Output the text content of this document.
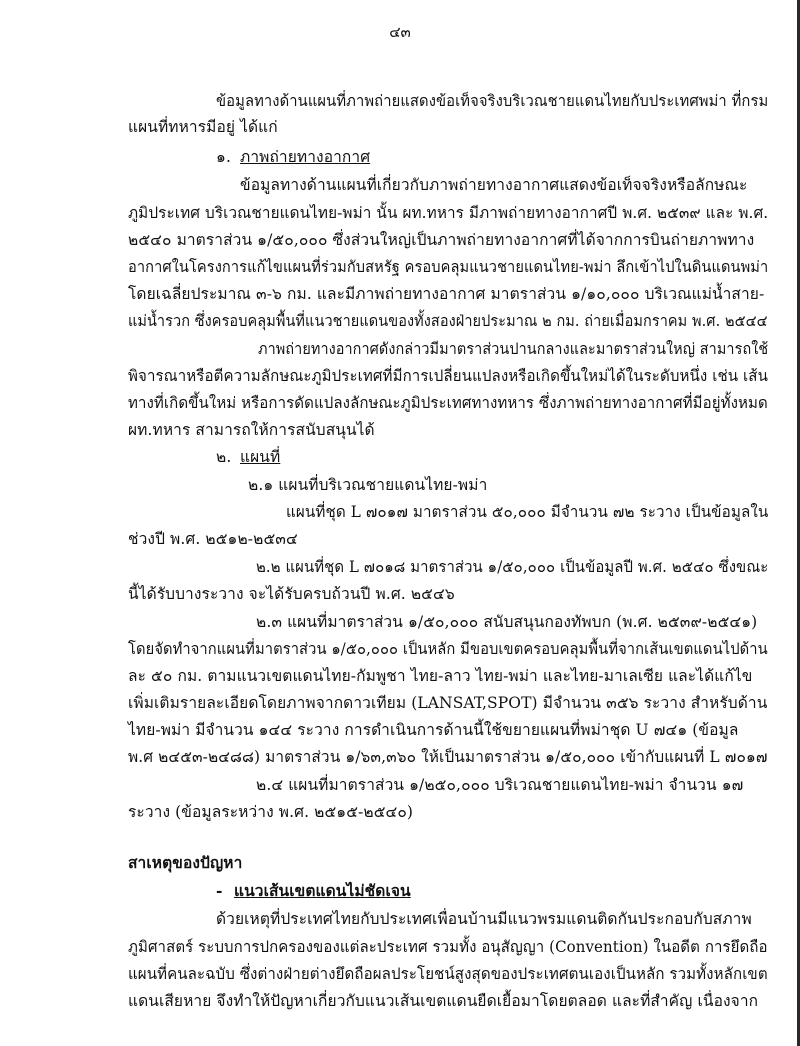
๔๓
ข้อมูลทางด้านแผนที่ภาพถ่ายแสดงข้อเท็จจริงบริเวณชายแดนไทยกับประเทศพม่า ที่กรม
แผนที่ทหารมีอยู่ ได้แก่
๑. ภาพถ่ายทางอากาศ
ข้อมูลทางด้านแผนที่เกี่ยวกับภาพถ่ายทางอากาศแสดงข้อเท็จจริงหรือลักษณะ
ภูมิประเทศ บริเวณชายแดนไทย-พม่า นั้น ผท.ทหาร มีภาพถ่ายทางอากาศปี พ.ศ. ๒๕๓๙ และ พ.ศ.
๒๕๔๐ มาตราส่วน ๑/๕๐,๐๐๐ ซึ่งส่วนใหญ่เป็นภาพถ่ายทางอากาศที่ได้จากการบินถ่ายภาพทาง
อากาศในโครงการแก้ไขแผนที่ร่วมกับสหรัฐ ครอบคลุมแนวชายแดนไทย-พม่า ลึกเข้าไปในดินแดนพม่า
โดยเฉลี่ยประมาณ ๓-๖ กม. และมีภาพถ่ายทางอากาศ มาตราส่วน ๑/๑๐,๐๐๐ บริเวณแม่น้ำสาย-
แม่น้ำรวก ซึ่งครอบคลุมพื้นที่แนวชายแดนของทั้งสองฝ่ายประมาณ ๒ กม. ถ่ายเมื่อมกราคม พ.ศ. ๒๕๔๔
ภาพถ่ายทางอากาศดังกล่าวมีมาตราส่วนปานกลางและมาตราส่วนใหญ่ สามารถใช้
พิจารณาหรือตีความลักษณะภูมิประเทศที่มีการเปลี่ยนแปลงหรือเกิดขึ้นใหม่ได้ในระดับหนึ่ง เช่น เส้น
ทางที่เกิดขึ้นใหม่ หรือการดัดแปลงลักษณะภูมิประเทศทางทหาร ซึ่งภาพถ่ายทางอากาศที่มีอยู่ทั้งหมด
ผท.ทหาร สามารถให้การสนับสนุนได้
๒. แผนที่
๒.๑ แผนที่บริเวณชายแดนไทย-พม่า
แผนที่ชุด L ๗๐๑๗ มาตราส่วน ๕๐,๐๐๐ มีจำนวน ๗๒ ระวาง เป็นข้อมูลใน
ช่วงปี พ.ศ. ๒๕๑๒-๒๕๓๔
๒.๒ แผนที่ชุด L ๗๐๑๘ มาตราส่วน ๑/๕๐,๐๐๐ เป็นข้อมูลปี พ.ศ. ๒๕๔๐ ซึ่งขณะ
นี้ได้รับบางระวาง จะได้รับครบถ้วนปี พ.ศ. ๒๕๔๖
๒.๓ แผนที่มาตราส่วน ๑/๕๐,๐๐๐ สนับสนุนกองทัพบก (พ.ศ. ๒๕๓๙-๒๕๔๑)
โดยจัดทำจากแผนที่มาตราส่วน ๑/๕๐,๐๐๐ เป็นหลัก มีขอบเขตครอบคลุมพื้นที่จากเส้นเขตแดนไปด้าน
ละ ๕๐ กม. ตามแนวเขตแดนไทย-กัมพูชา ไทย-ลาว ไทย-พม่า และไทย-มาเลเซีย และได้แก้ไข
เพิ่มเติมรายละเอียดโดยภาพจากดาวเทียม (LANSAT,SPOT) มีจำนวน ๓๕๖ ระวาง สำหรับด้าน
ไทย-พม่า มีจำนวน ๑๔๔ ระวาง การดำเนินการด้านนี้ใช้ขยายแผนที่พม่าชุด U ๗๔๑ (ข้อมูล
พ.ศ ๒๔๕๓-๒๔๘๘) มาตราส่วน ๑/๖๓,๓๖๐ ให้เป็นมาตราส่วน ๑/๕๐,๐๐๐ เข้ากับแผนที่ L ๗๐๑๗
๒.๔ แผนที่มาตราส่วน ๑/๒๕๐,๐๐๐ บริเวณชายแดนไทย-พม่า จำนวน ๑๗
ระวาง (ข้อมูลระหว่าง พ.ศ. ๒๕๑๕-๒๕๔๐)
สาเหตุของปัญหา
- แนวเส้นเขตแดนไม่ชัดเจน
ด้วยเหตุที่ประเทศไทยกับประเทศเพื่อนบ้านมีแนวพรมแดนติดกันประกอบกับสภาพ
ภูมิศาสตร์ ระบบการปกครองของแต่ละประเทศ รวมทั้ง อนุสัญญา (Convention) ในอดีต การยึดถือ
แผนที่คนละฉบับ ซึ่งต่างฝ่ายต่างยึดถือผลประโยชน์สูงสุดของประเทศตนเองเป็นหลัก รวมทั้งหลักเขต
แดนเสียหาย จึงทำให้ปัญหาเกี่ยวกับแนวเส้นเขตแดนยืดเยื้อมาโดยตลอด และที่สำคัญ เนื่องจาก
